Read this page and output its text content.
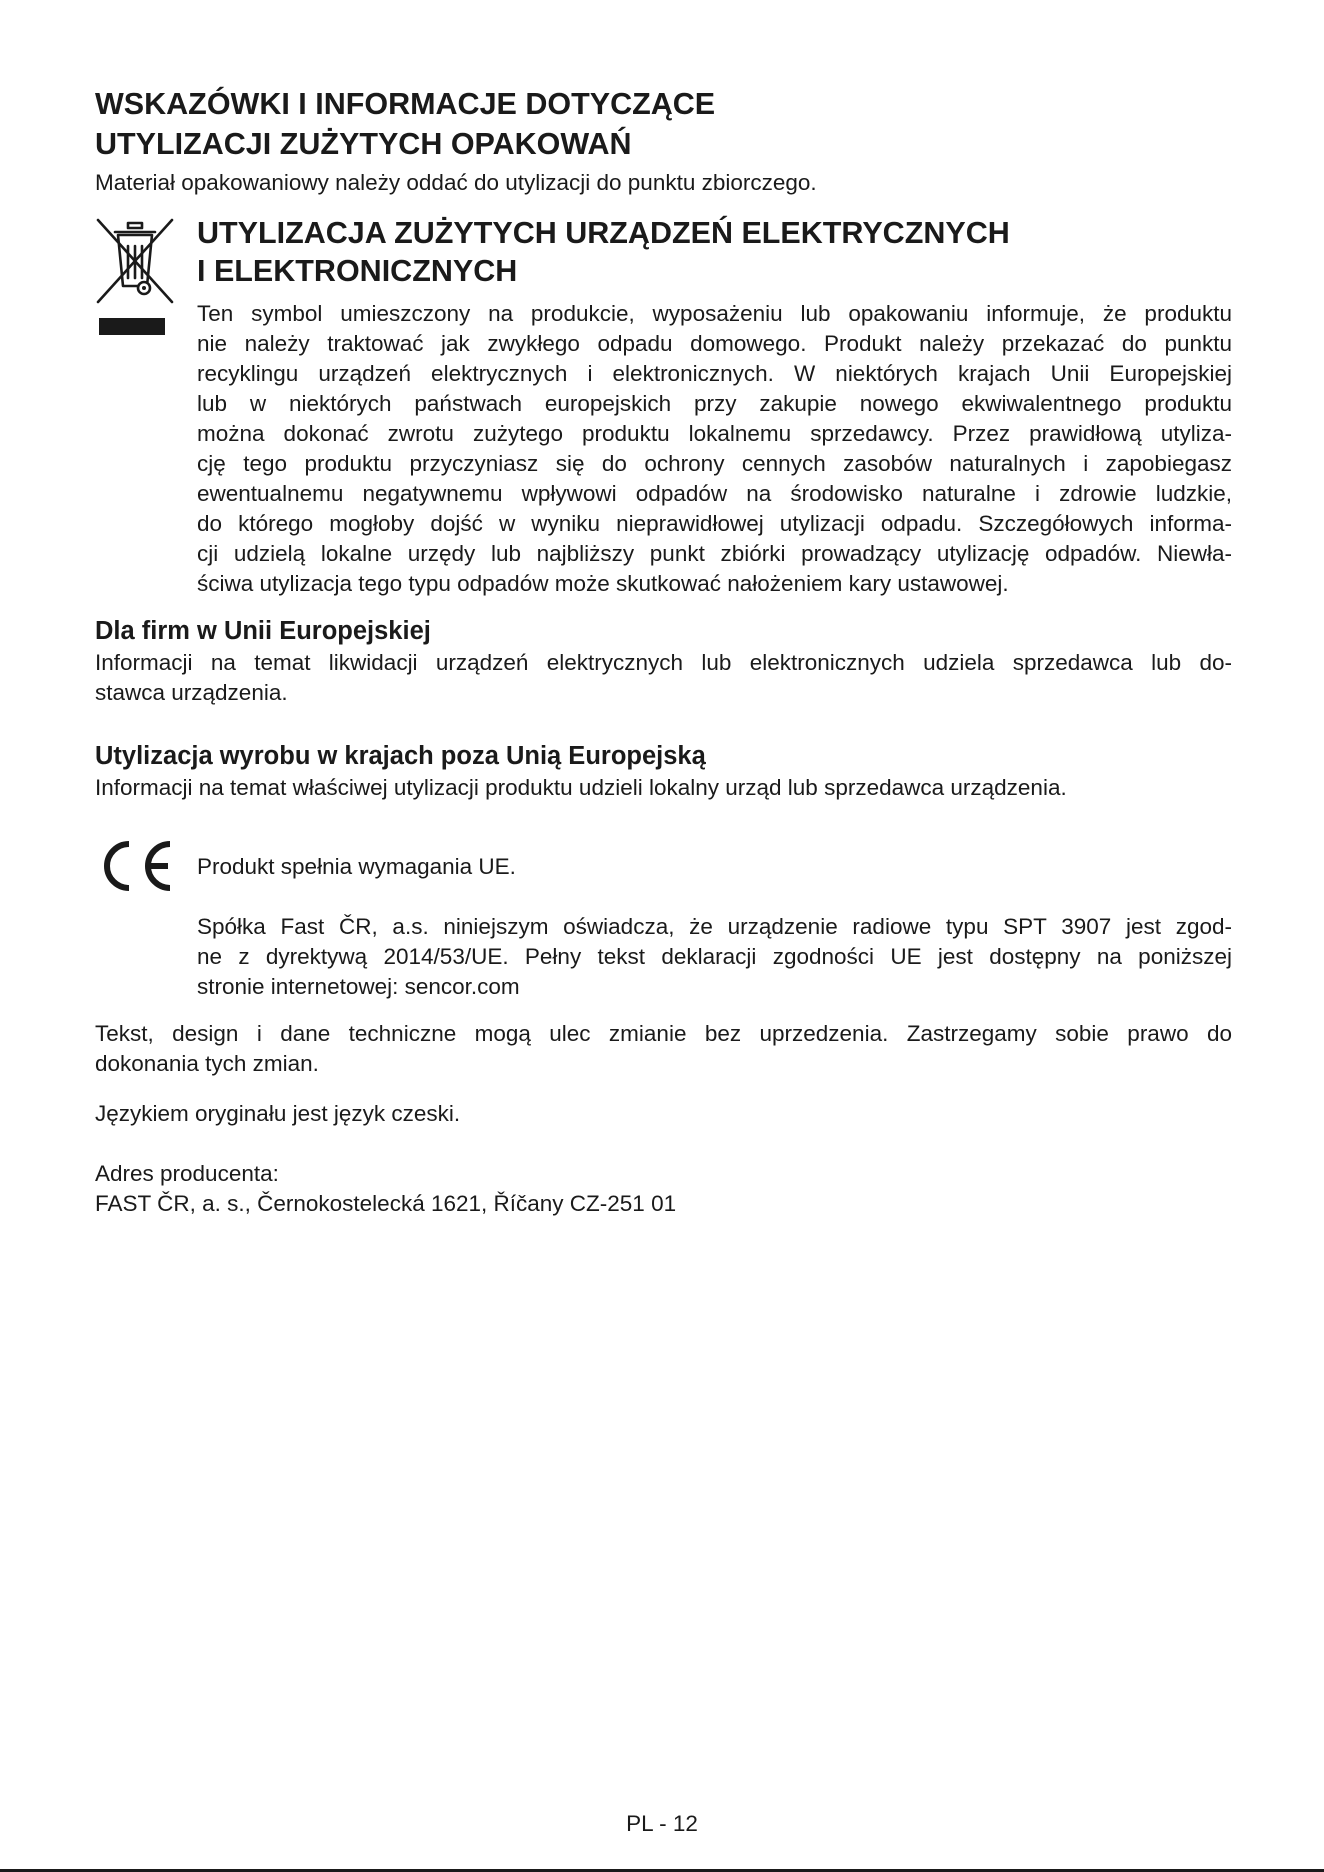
WSKAZÓWKI I INFORMACJE DOTYCZĄCE
UTYLIZACJI ZUŻYTYCH OPAKOWAŃ

Materiał opakowaniowy należy oddać do utylizacji do punktu zbiorczego.

UTYLIZACJA ZUŻYTYCH URZĄDZEŃ ELEKTRYCZNYCH
I ELEKTRONICZNYCH
Ten symbol umieszczony na produkcie, wyposażeniu lub opakowaniu informuje, że produktu
nie należy traktować jak zwykłego odpadu domowego. Produkt należy przekazać do punktu
recyklingu urządzeń elektrycznych i elektronicznych. W niektórych krajach Unii Europejskiej
lub w niektórych państwach europejskich przy zakupie nowego ekwiwalentnego produktu
można dokonać zwrotu zużytego produktu lokalnemu sprzedawcy. Przez prawidłową utyliza-
cję tego produktu przyczyniasz się do ochrony cennych zasobów naturalnych i zapobiegasz
ewentualnemu negatywnemu wpływowi odpadów na środowisko naturalne i zdrowie ludzkie,
do którego mogłoby dojść w wyniku nieprawidłowej utylizacji odpadu. Szczegółowych informa-
cji udzielą lokalne urzędy lub najbliższy punkt zbiórki prowadzący utylizację odpadów. Niewła-
ściwa utylizacja tego typu odpadów może skutkować nałożeniem kary ustawowej.
Dla firm w Unii Europejskiej
Informacji na temat likwidacji urządzeń elektrycznych lub elektronicznych udziela sprzedawca lub do-
stawca urządzenia.
Utylizacja wyrobu w krajach poza Unią Europejską
Informacji na temat właściwej utylizacji produktu udzieli lokalny urząd lub sprzedawca urządzenia.

Produkt spełnia wymagania UE.

Spółka Fast ČR, a.s. niniejszym oświadcza, że urządzenie radiowe typu SPT 3907 jest zgod-
ne z dyrektywą 2014/53/UE. Pełny tekst deklaracji zgodności UE jest dostępny na poniższej
stronie internetowej: sencor.com
Tekst, design i dane techniczne mogą ulec zmianie bez uprzedzenia. Zastrzegamy sobie prawo do
dokonania tych zmian.
Językiem oryginału jest język czeski.
Adres producenta:
FAST ČR, a. s., Černokostelecká 1621, Říčany CZ-251 01

PL - 12
